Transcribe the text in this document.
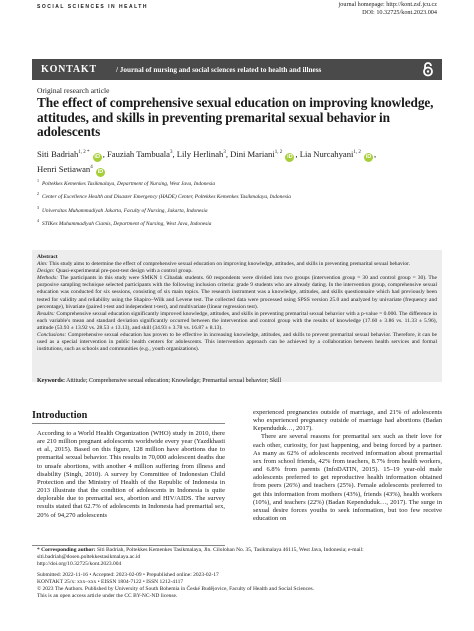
SOCIAL SCIENCES IN HEALTH	journal homepage: http://kont.zsf.jcu.cz
DOI: 10.32725/kont.2023.004
KONTAKT	/ Journal of nursing and social sciences related to health and illness
Original research article
The effect of comprehensive sexual education on improving knowledge, attitudes, and skills in preventing premarital sexual behavior in adolescents
Siti Badriah$^{1, 2 *}$ iD , Fauziah Tambuala$^3$, Lily Herlinah$^3$, Dini Mariani$^{1, 2}$ iD , Lia Nurcahyani$^{1, 2}$ iD ,
Henri Setiawan$^4$ iD
$^1$Poltekkes Kemenkes Tasikmalaya, Department of Nursing, West Java, Indonesia
$^2$Center of Excellence Health and Disaster Emergency (HADE) Center, Poltekkes Kemenkes Tasikmalaya, Indonesia
$^3$Universitas Muhammadiyah Jakarta, Faculty of Nursing, Jakarta, Indonesia
$^4$STIKes Muhammadiyah Ciamis, Department of Nursing, West Java, Indonesia

Abstract

Aim: This study aims to determine the effect of comprehensive sexual education on improving knowledge, attitudes, and skills in preventing premarital sexual behavior.

Design: Quasi-experimental pre-post-test design with a control group.

Methods: The participants in this study were SMKN 1 Cibadak students. 60 respondents were divided into two groups (intervention group = 30 and control group = 30). The purposive sampling technique selected participants with the following inclusion criteria: grade 9 students who are already dating. In the intervention group, comprehensive sexual education was conducted for six sessions, consisting of six main topics. The research instrument was a knowledge, attitudes, and skills questionnaire which had previously been tested for validity and reliability using the Shapiro–Wilk and Levene test. The collected data were processed using SPSS version 25.0 and analyzed by univariate (frequency and percentage), bivariate (paired t-test and independent t-test), and multivariate (linear regression test).

Results: Comprehensive sexual education significantly improved knowledge, attitudes, and skills in preventing premarital sexual behavior with a p-value = 0.000. The difference in each variable's mean and standard deviation significantly occurred between the intervention and control group with the results of knowledge (17.60 ± 3.86 vs. 11.33 ± 5.96), attitude (53.93 ± 13.92 vs. 28.53 ± 13.13), and skill (34.93 ± 3.78 vs. 16.87 ± 8.13).

Conclusions: Comprehensive sexual education has proven to be effective in increasing knowledge, attitudes, and skills to prevent premarital sexual behavior. Therefore, it can be used as a special intervention in public health centers for adolescents. This intervention approach can be achieved by a collaboration between health services and formal institutions, such as schools and communities (e.g., youth organizations).

Keywords: Attitude; Comprehensive sexual education; Knowledge; Premarital sexual behavior; Skill
Introduction

According to a World Health Organization (WHO) study in 2010, there are 210 million pregnant adolescents worldwide every year (Yazdkhasti et al., 2015). Based on this figure, 128 million have abortions due to premarital sexual behavior. This results in 70,000 adolescent deaths due to unsafe abortions, with another 4 million suffering from illness and disability (Singh, 2010). A survey by Committee of Indonesian Child Protection and the Ministry of Health of the Republic of Indonesia in 2013 illustrate that the condition of adolescents in Indonesia is quite deplorable due to premarital sex, abortion and HIV/AIDS. The survey results stated that 62.7% of adolescents in Indonesia had premarital sex, 20% of 94,270 adolescents

experienced pregnancies outside of marriage, and 21% of adolescents who experienced pregnancy outside of marriage had abortions (Badan Kependuduk…, 2017).

There are several reasons for premarital sex such as their love for each other, curiosity, for just happening, and being forced by a partner. As many as 62% of adolescents received information about premarital sex from school friends, 42% from teachers, 8.7% from health workers, and 6.8% from parents (InfoDATIN, 2015). 15–19 year-old male adolescents preferred to get reproductive health information obtained from peers (26%) and teachers (25%). Female adolescents preferred to get this information from mothers (43%), friends (43%), health workers (10%), and teachers (22%) (Badan Kependuduk…, 2017). The surge in sexual desire forces youths to seek information, but too few receive education on

* Corresponding author: Siti Badriah, Poltekkes Kemenkes Tasikmalaya, Jln. Cilolohan No. 35, Tasikmalaya 46115, West Java, Indonesia; e-mail: siti.badriah@dosen.poltekkestasikmalaya.ac.id

http://doi.org/10.32725/kont.2023.004

Submitted: 2022-11-16 • Accepted: 2023-02-09 • Prepublished online: 2023-02-17

KONTAKT 25/x: xxx–xxx • EISSN 1804-7122 • ISSN 1212-4117

© 2023 The Authors. Published by University of South Bohemia in České Budějovice, Faculty of Health and Social Sciences.

This is an open access article under the CC BY-NC-ND license.
